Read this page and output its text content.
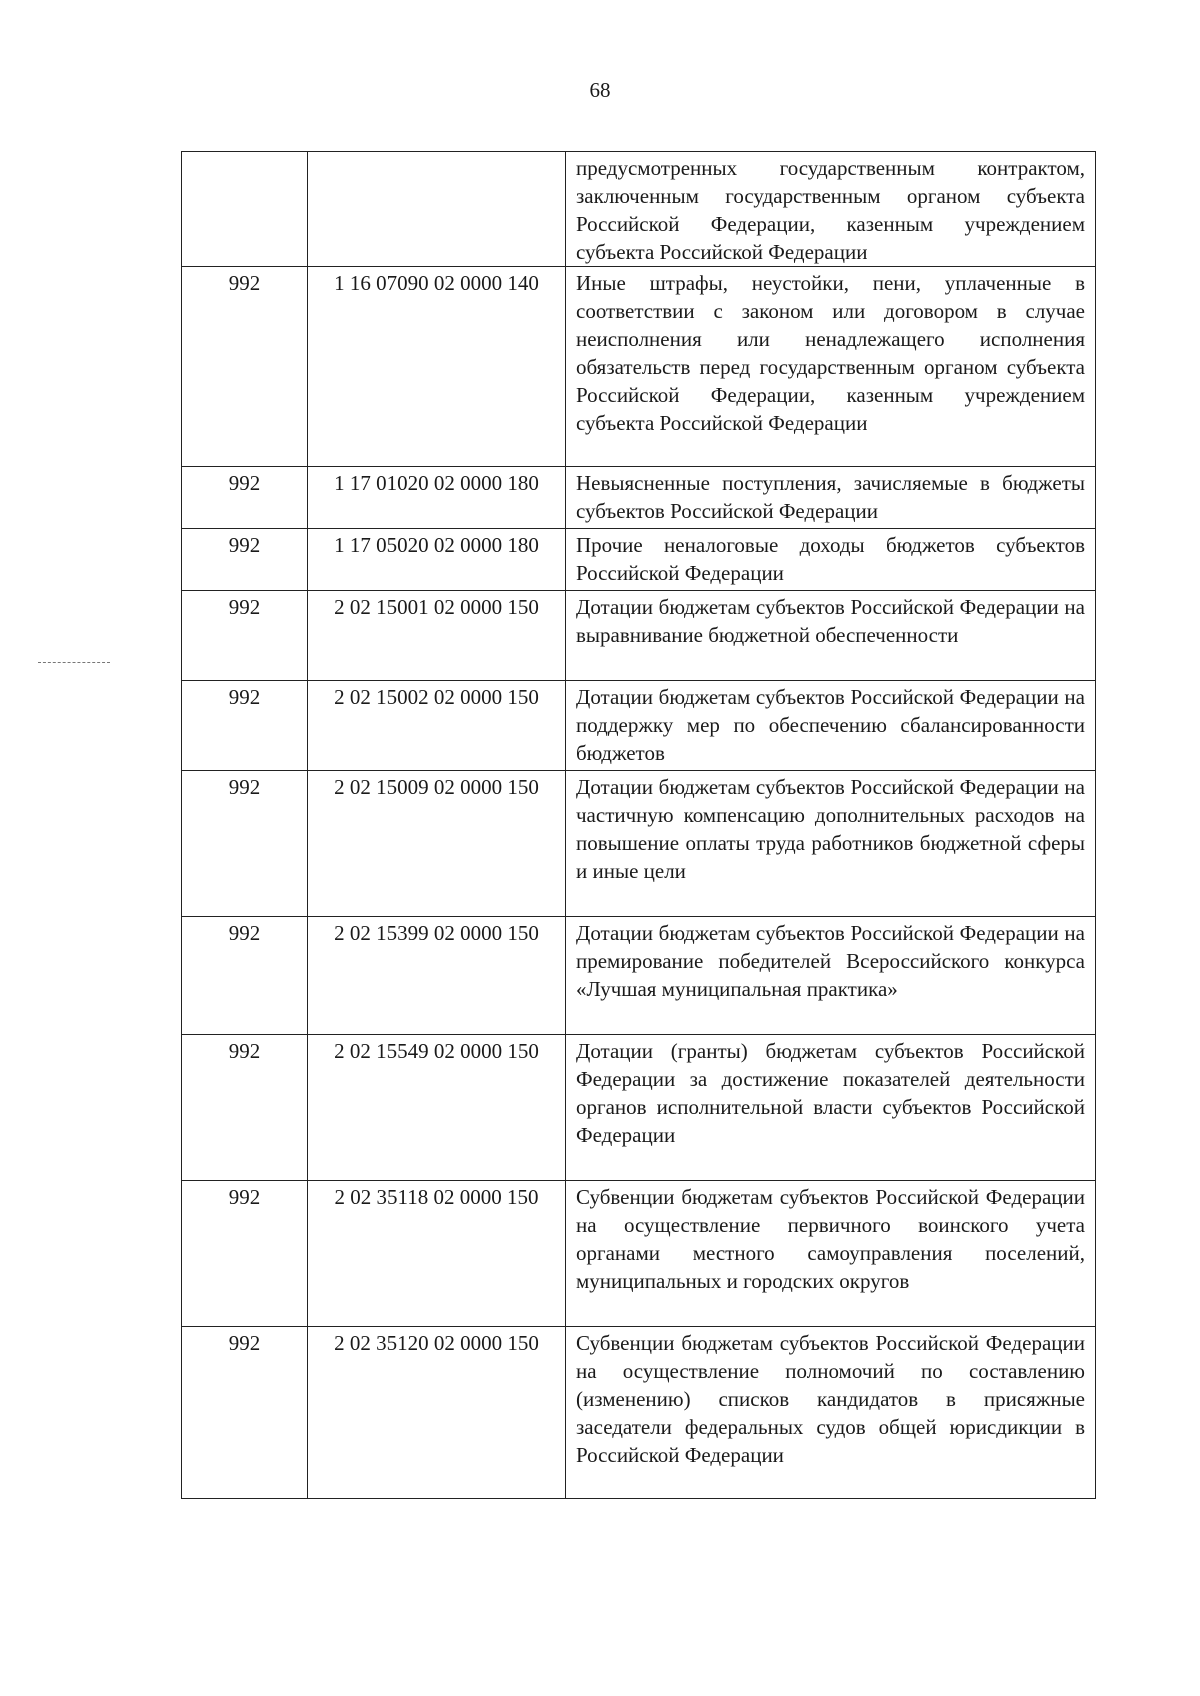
68
		предусмотренных государственным контрактом, заключенным государственным органом субъекта Российской Федерации, казенным учреждением субъекта Российской Федерации
992	1 16 07090 02 0000 140	Иные штрафы, неустойки, пени, уплаченные в соответствии с законом или договором в случае неисполнения или ненадлежащего исполнения обязательств перед государственным органом субъекта Российской Федерации, казенным учреждением субъекта Российской Федерации
992	1 17 01020 02 0000 180	Невыясненные поступления, зачисляемые в бюджеты субъектов Российской Федерации
992	1 17 05020 02 0000 180	Прочие неналоговые доходы бюджетов субъектов Российской Федерации
992	2 02 15001 02 0000 150	Дотации бюджетам субъектов Российской Федерации на выравнивание бюджетной обеспеченности
992	2 02 15002 02 0000 150	Дотации бюджетам субъектов Российской Федерации на поддержку мер по обеспечению сбалансированности бюджетов
992	2 02 15009 02 0000 150	Дотации бюджетам субъектов Российской Федерации на частичную компенсацию дополнительных расходов на повышение оплаты труда работников бюджетной сферы и иные цели
992	2 02 15399 02 0000 150	Дотации бюджетам субъектов Российской Федерации на премирование победителей Всероссийского конкурса «Лучшая муниципальная практика»
992	2 02 15549 02 0000 150	Дотации (гранты) бюджетам субъектов Российской Федерации за достижение показателей деятельности органов исполнительной власти субъектов Российской Федерации
992	2 02 35118 02 0000 150	Субвенции бюджетам субъектов Российской Федерации на осуществление первичного воинского учета органами местного самоуправления поселений, муниципальных и городских округов
992	2 02 35120 02 0000 150	Субвенции бюджетам субъектов Российской Федерации на осуществление полномочий по составлению (изменению) списков кандидатов в присяжные заседатели федеральных судов общей юрисдикции в Российской Федерации
